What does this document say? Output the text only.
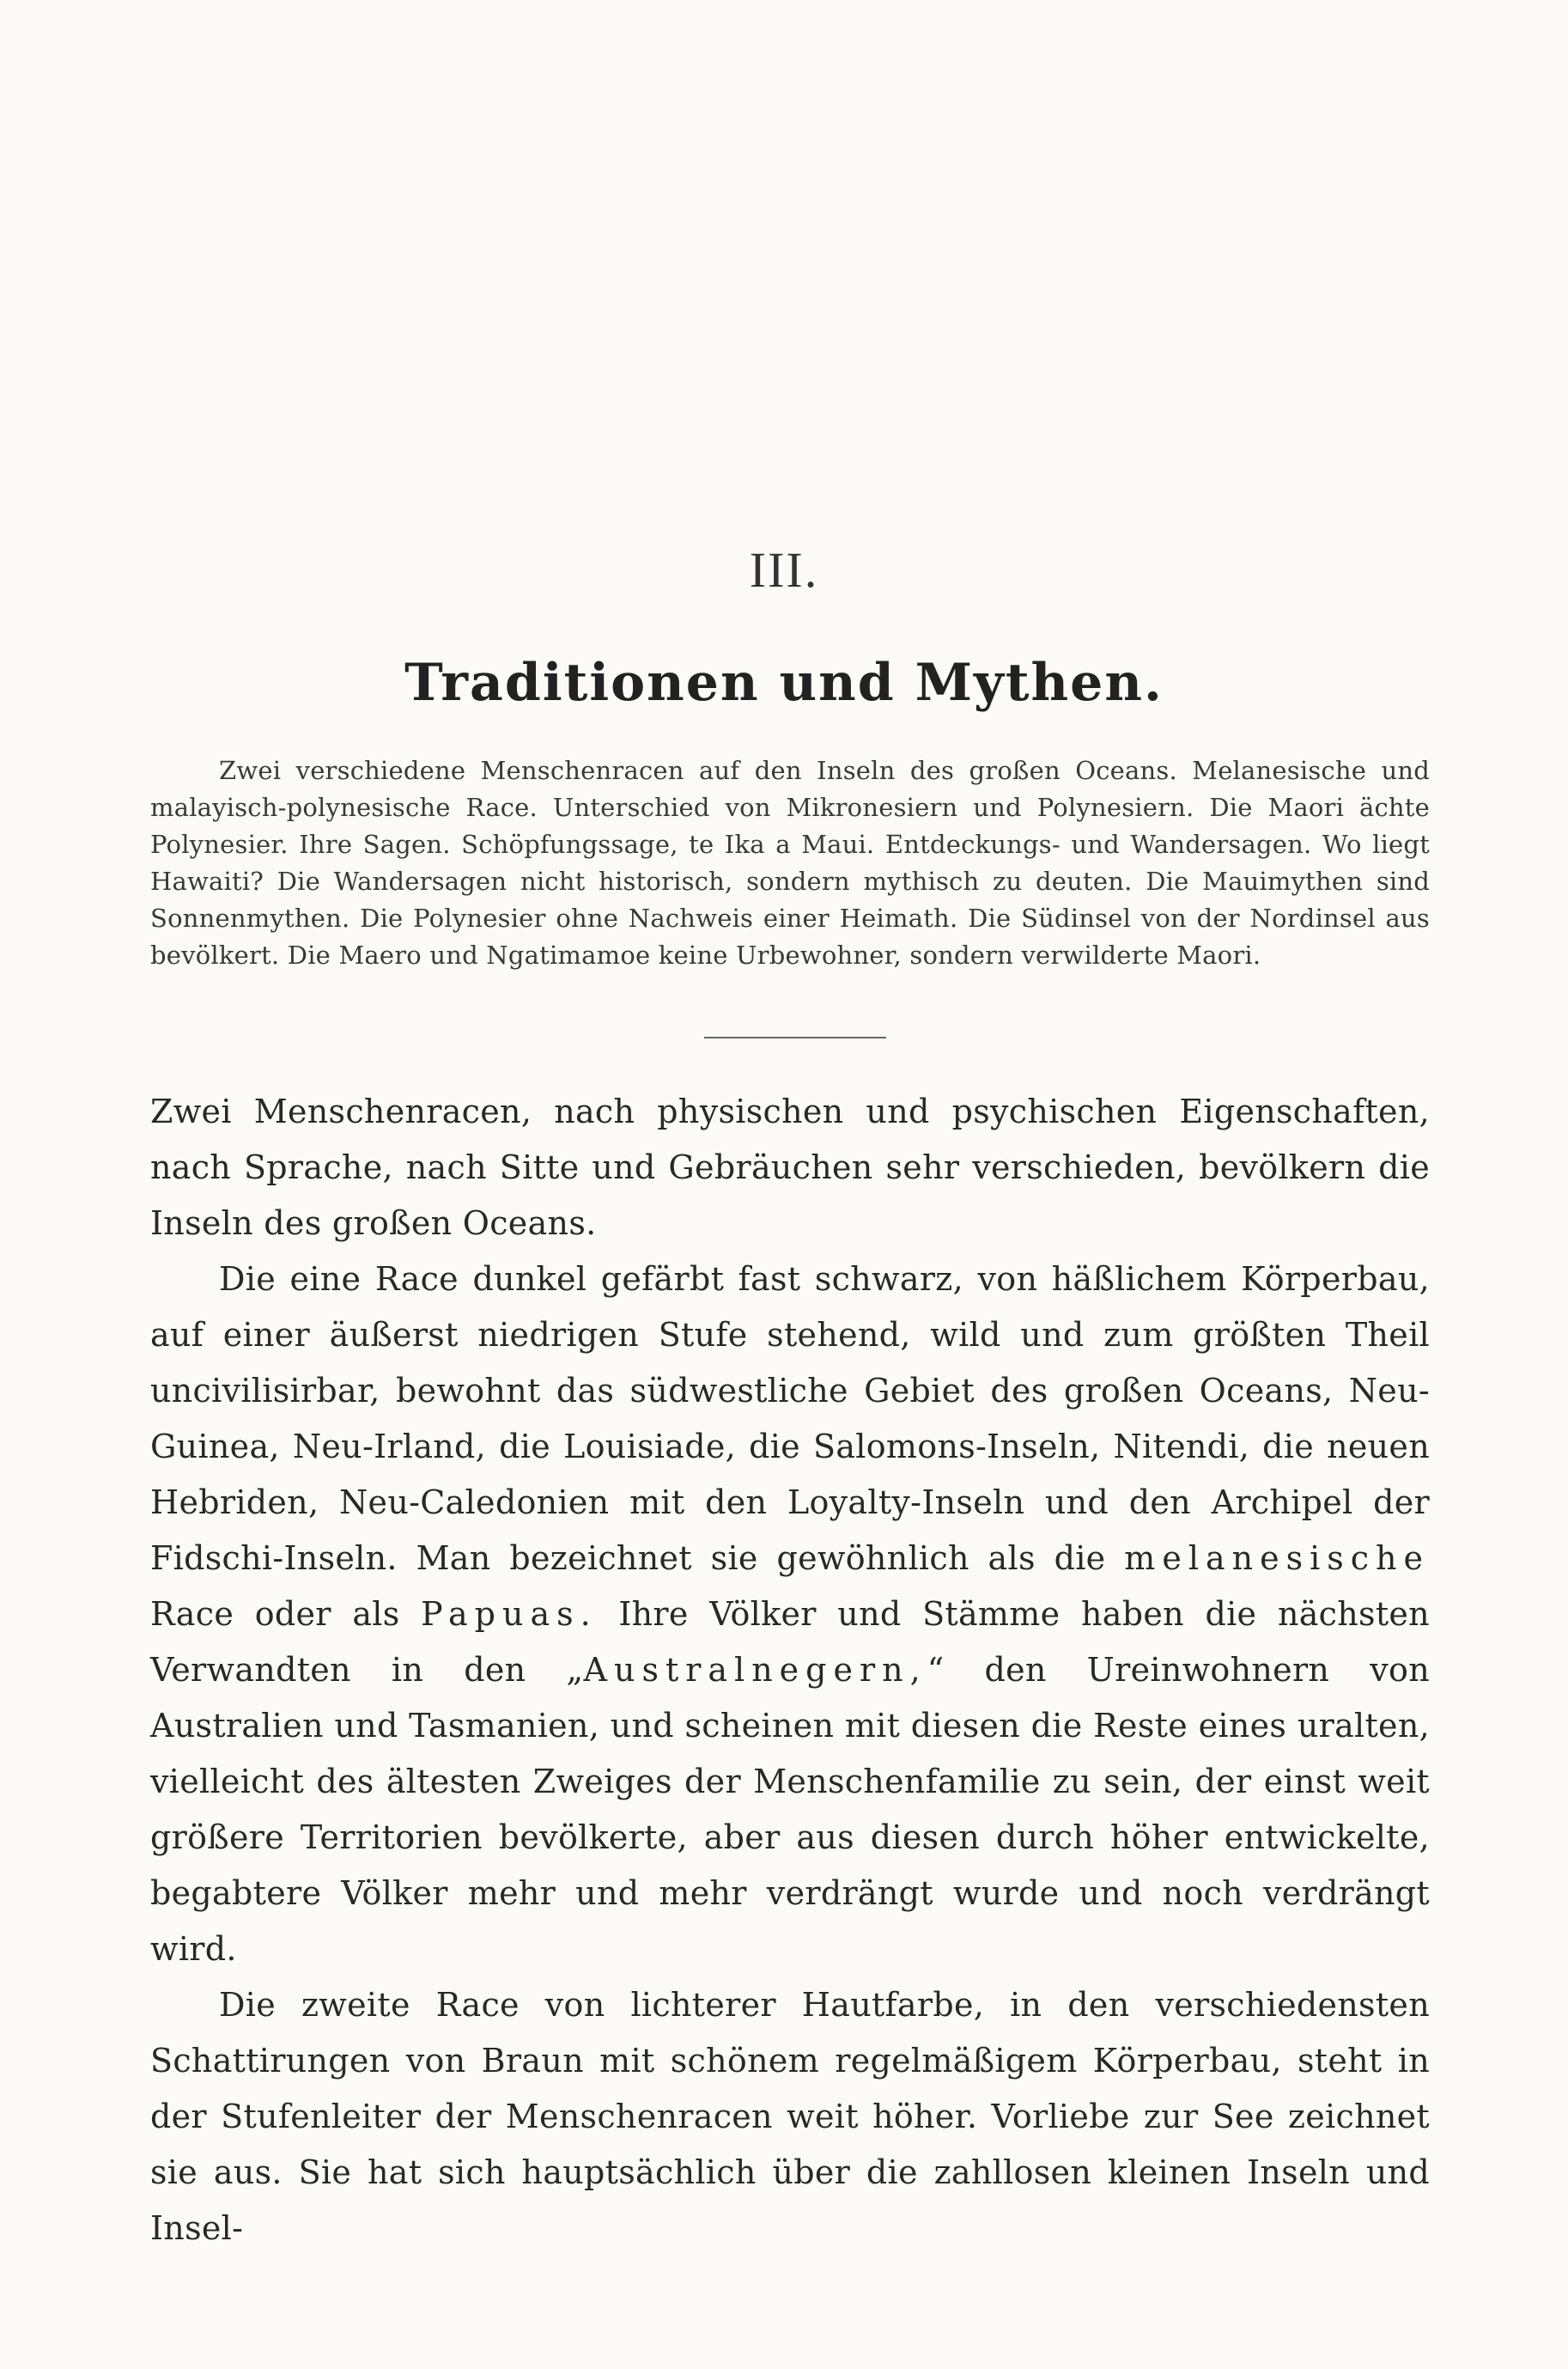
III.
Traditionen und Mythen.
Zwei verschiedene Menschenracen auf den Inseln des großen Oceans. Melanesische und malayisch-polynesische Race. Unterschied von Mikronesiern und Polynesiern. Die Maori ächte Polynesier. Ihre Sagen. Schöpfungssage, te Ika a Maui. Entdeckungs- und Wandersagen. Wo liegt Hawaiti? Die Wandersagen nicht historisch, sondern mythisch zu deuten. Die Mauimythen sind Sonnenmythen. Die Polynesier ohne Nachweis einer Heimath. Die Südinsel von der Nordinsel aus bevölkert. Die Maero und Ngatimamoe keine Urbewohner, sondern verwilderte Maori.

Zwei Menschenracen, nach physischen und psychischen Eigenschaften, nach Sprache, nach Sitte und Gebräuchen sehr verschieden, bevölkern die Inseln des großen Oceans.

Die eine Race dunkel gefärbt fast schwarz, von häßlichem Körperbau, auf einer äußerst niedrigen Stufe stehend, wild und zum größten Theil uncivilisirbar, bewohnt das südwestliche Gebiet des großen Oceans, Neu-Guinea, Neu-Irland, die Louisiade, die Salomons-Inseln, Nitendi, die neuen Hebriden, Neu-Caledonien mit den Loyalty-Inseln und den Archipel der Fidschi-Inseln. Man bezeichnet sie gewöhnlich als die melanesische Race oder als Papuas. Ihre Völker und Stämme haben die nächsten Verwandten in den „Australnegern,“ den Ureinwohnern von Australien und Tasmanien, und scheinen mit diesen die Reste eines uralten, vielleicht des ältesten Zweiges der Menschenfamilie zu sein, der einst weit größere Territorien bevölkerte, aber aus diesen durch höher entwickelte, begabtere Völker mehr und mehr verdrängt wurde und noch verdrängt wird.

Die zweite Race von lichterer Hautfarbe, in den verschiedensten Schattirungen von Braun mit schönem regelmäßigem Körperbau, steht in der Stufenleiter der Menschenracen weit höher. Vorliebe zur See zeichnet sie aus. Sie hat sich hauptsächlich über die zahllosen kleinen Inseln und Insel-
